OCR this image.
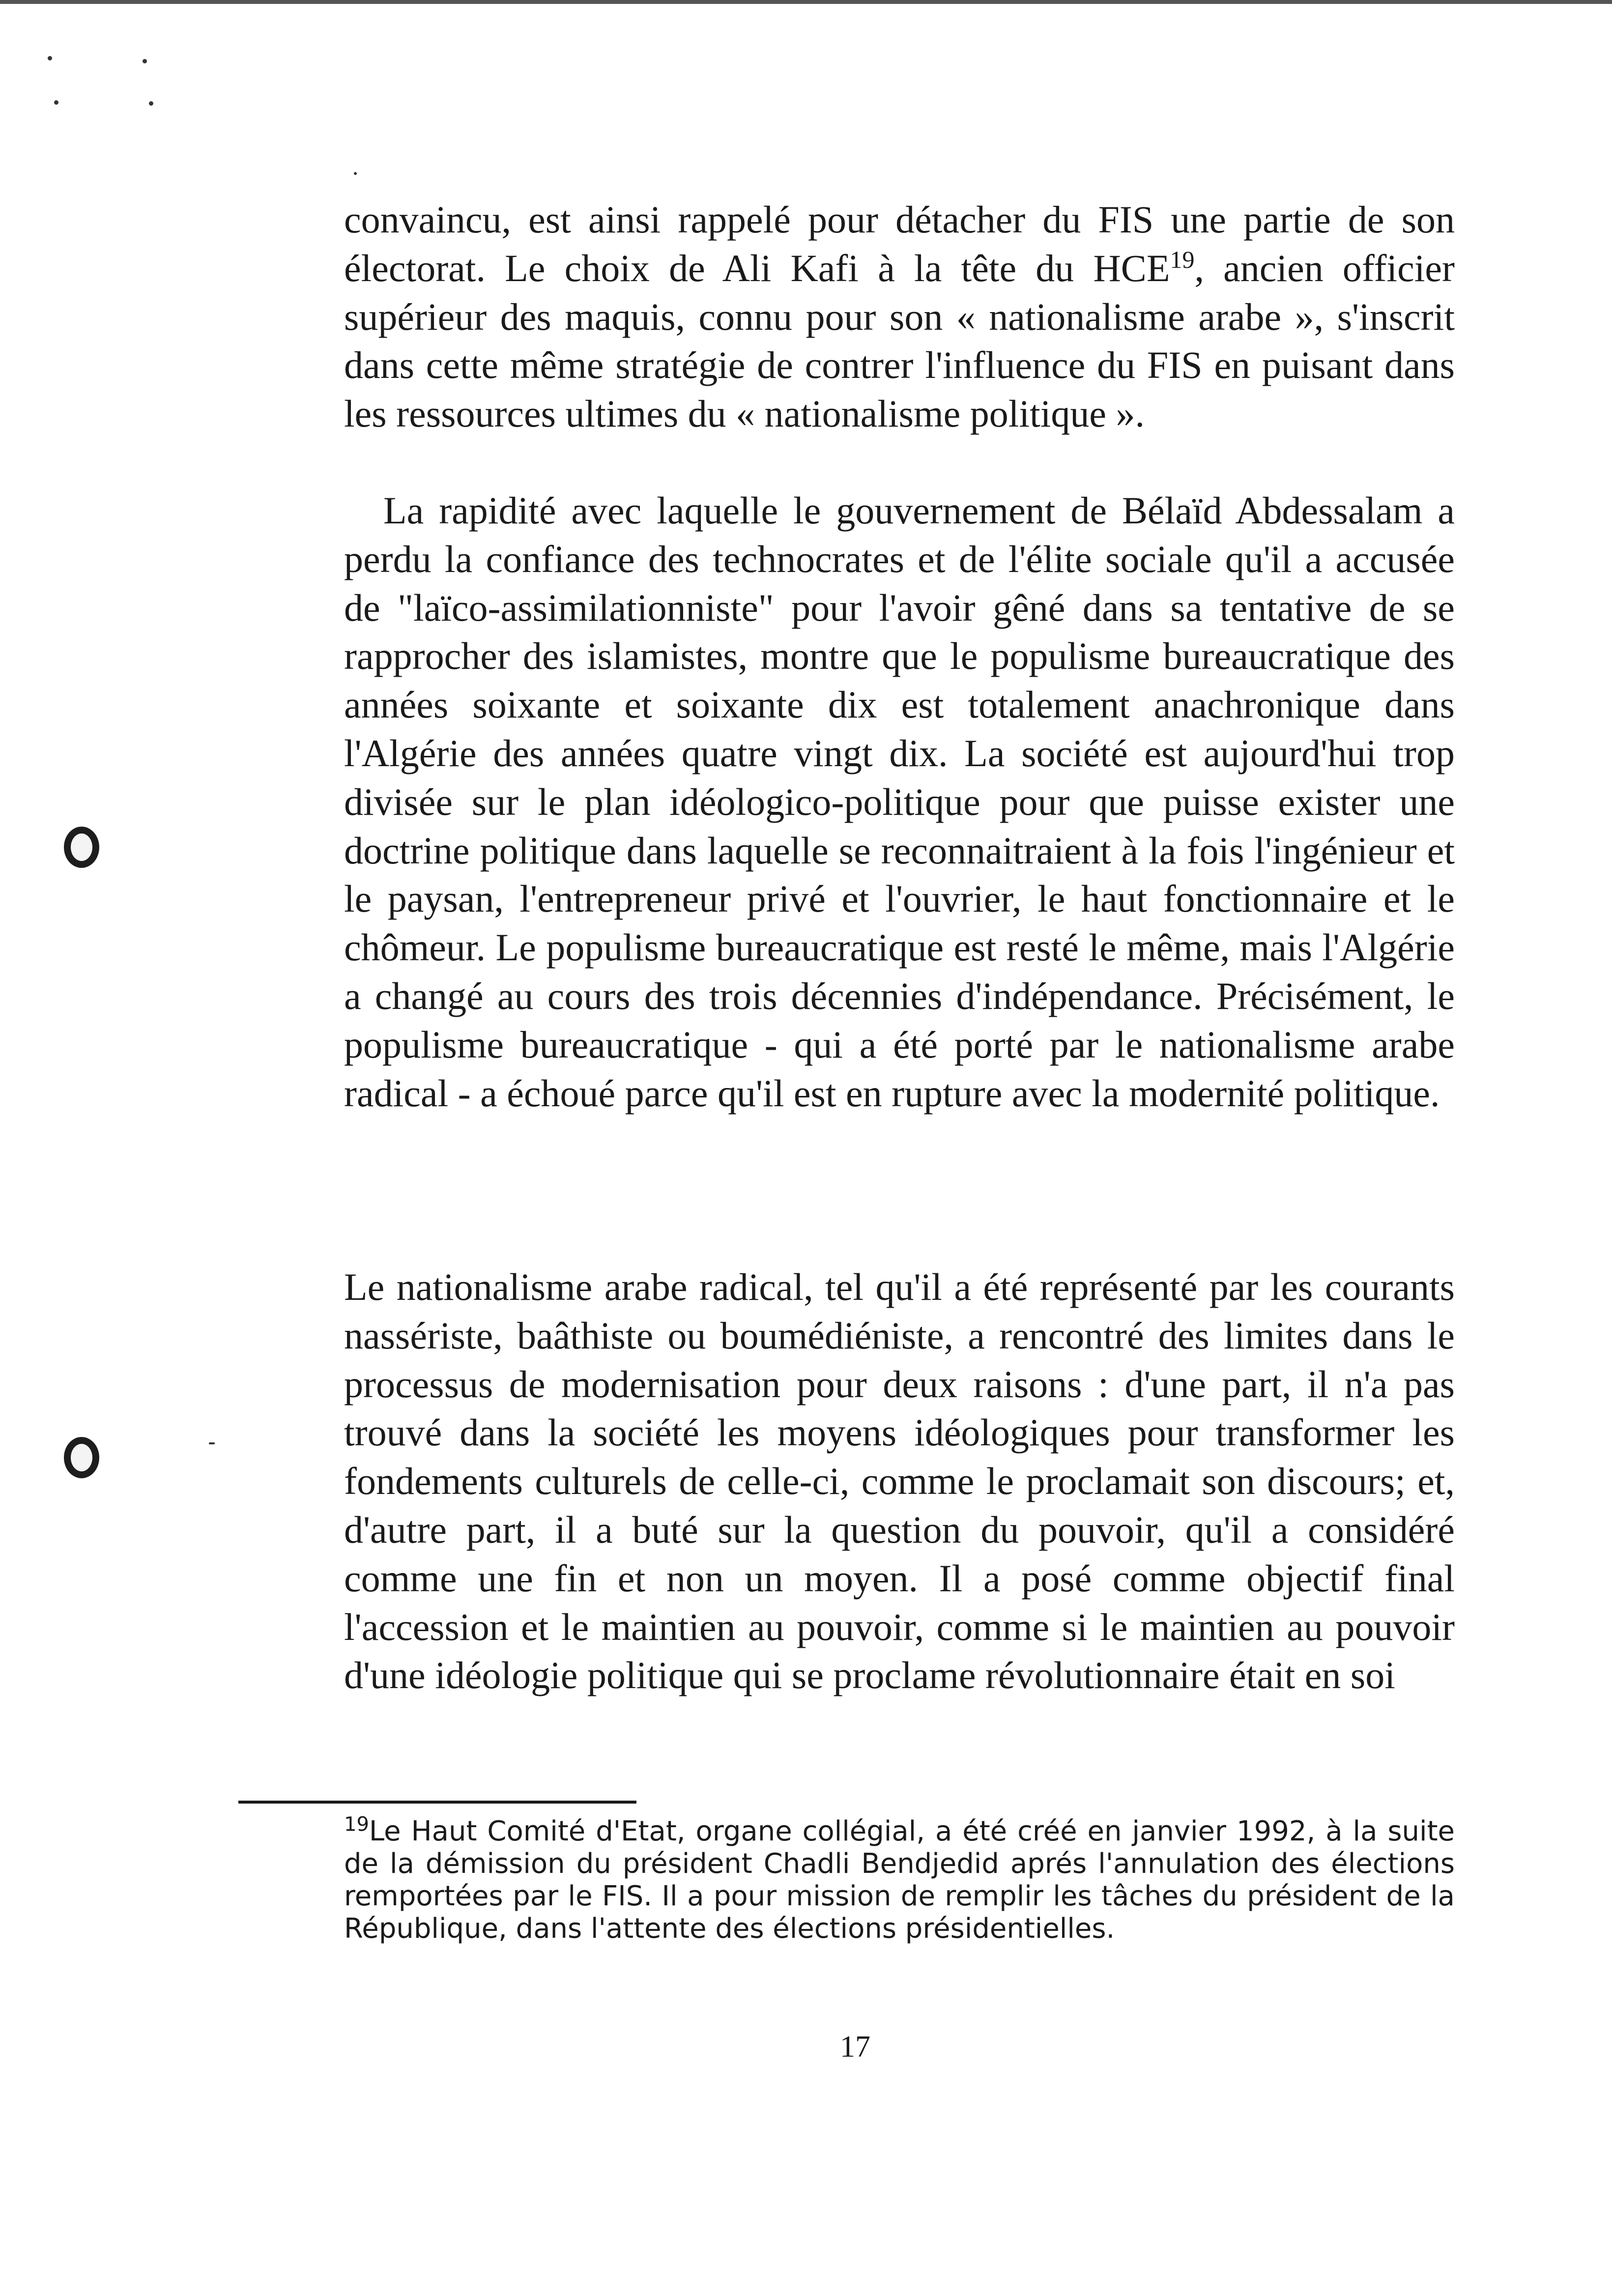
convaincu, est ainsi rappelé pour détacher du FIS une partie de son électorat. Le choix de Ali Kafi à la tête du HCE$^{19}$, ancien officier supérieur des maquis, connu pour son « nationalisme arabe », s'inscrit dans cette même stratégie de contrer l'influence du FIS en puisant dans les ressources ultimes du « nationalisme politique ».

La rapidité avec laquelle le gouvernement de Bélaïd Abdessalam a perdu la confiance des technocrates et de l'élite sociale qu'il a accusée de "laïco-assimilationniste" pour l'avoir gêné dans sa tentative de se rapprocher des islamistes, montre que le populisme bureaucratique des années soixante et soixante dix est totalement anachronique dans l'Algérie des années quatre vingt dix. La société est aujourd'hui trop divisée sur le plan idéologico-politique pour que puisse exister une doctrine politique dans laquelle se reconnaitraient à la fois l'ingénieur et le paysan, l'entrepreneur privé et l'ouvrier, le haut fonctionnaire et le chômeur. Le populisme bureaucratique est resté le même, mais l'Algérie a changé au cours des trois décennies d'indépendance. Précisément, le populisme bureaucratique - qui a été porté par le nationalisme arabe radical - a échoué parce qu'il est en rupture avec la modernité politique.

Le nationalisme arabe radical, tel qu'il a été représenté par les courants nassériste, baâthiste ou boumédiéniste, a rencontré des limites dans le processus de modernisation pour deux raisons : d'une part, il n'a pas trouvé dans la société les moyens idéologiques pour transformer les fondements culturels de celle-ci, comme le proclamait son discours; et, d'autre part, il a buté sur la question du pouvoir, qu'il a considéré comme une fin et non un moyen. Il a posé comme objectif final l'accession et le maintien au pouvoir, comme si le maintien au pouvoir d'une idéologie politique qui se proclame révolutionnaire était en soi

$^{19}$Le Haut Comité d'Etat, organe collégial, a été créé en janvier 1992, à la suite de la démission du président Chadli Bendjedid aprés l'annulation des élections remportées par le FIS. Il a pour mission de remplir les tâches du président de la République, dans l'attente des élections présidentielles.

17
